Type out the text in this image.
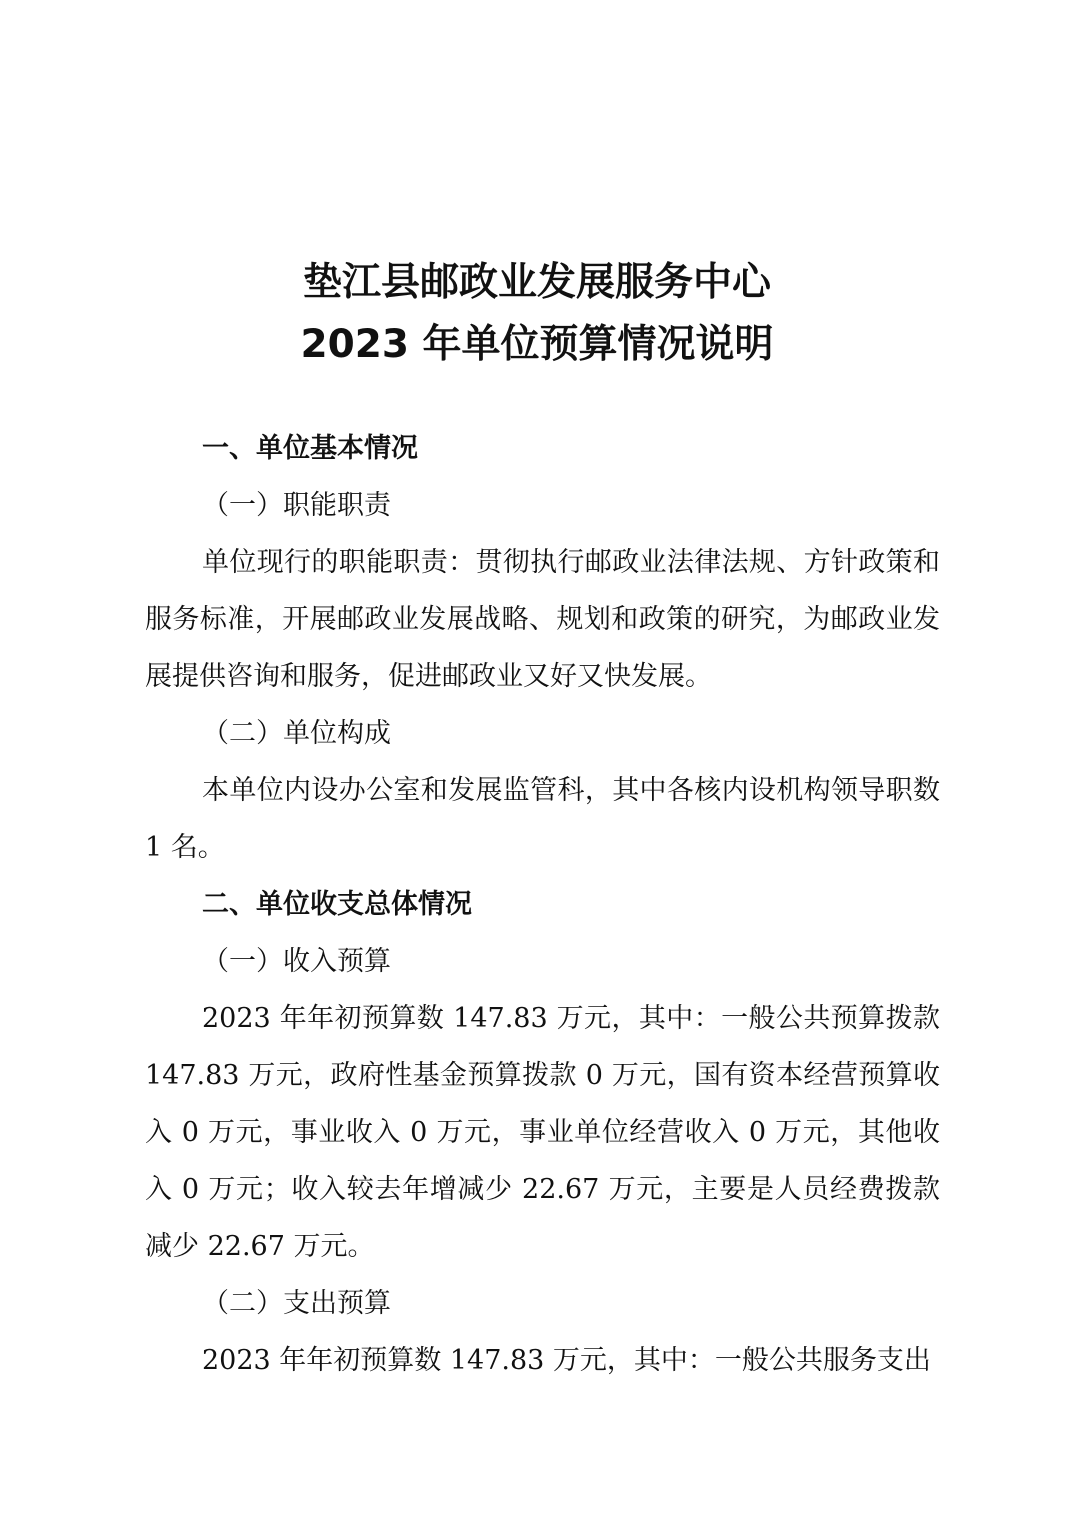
垫江县邮政业发展服务中心
2023 年单位预算情况说明

一、单位基本情况

（一）职能职责

单位现行的职能职责：贯彻执行邮政业法律法规、方针政策和服务标准，开展邮政业发展战略、规划和政策的研究，为邮政业发展提供咨询和服务，促进邮政业又好又快发展。

（二）单位构成

本单位内设办公室和发展监管科，其中各核内设机构领导职数 1 名。

二、单位收支总体情况

（一）收入预算

2023 年年初预算数 147.83 万元，其中：一般公共预算拨款 147.83 万元，政府性基金预算拨款 0 万元，国有资本经营预算收入 0 万元，事业收入 0 万元，事业单位经营收入 0 万元，其他收入 0 万元；收入较去年增减少 22.67 万元，主要是人员经费拨款减少 22.67 万元。

（二）支出预算

2023 年年初预算数 147.83 万元，其中：一般公共服务支出
